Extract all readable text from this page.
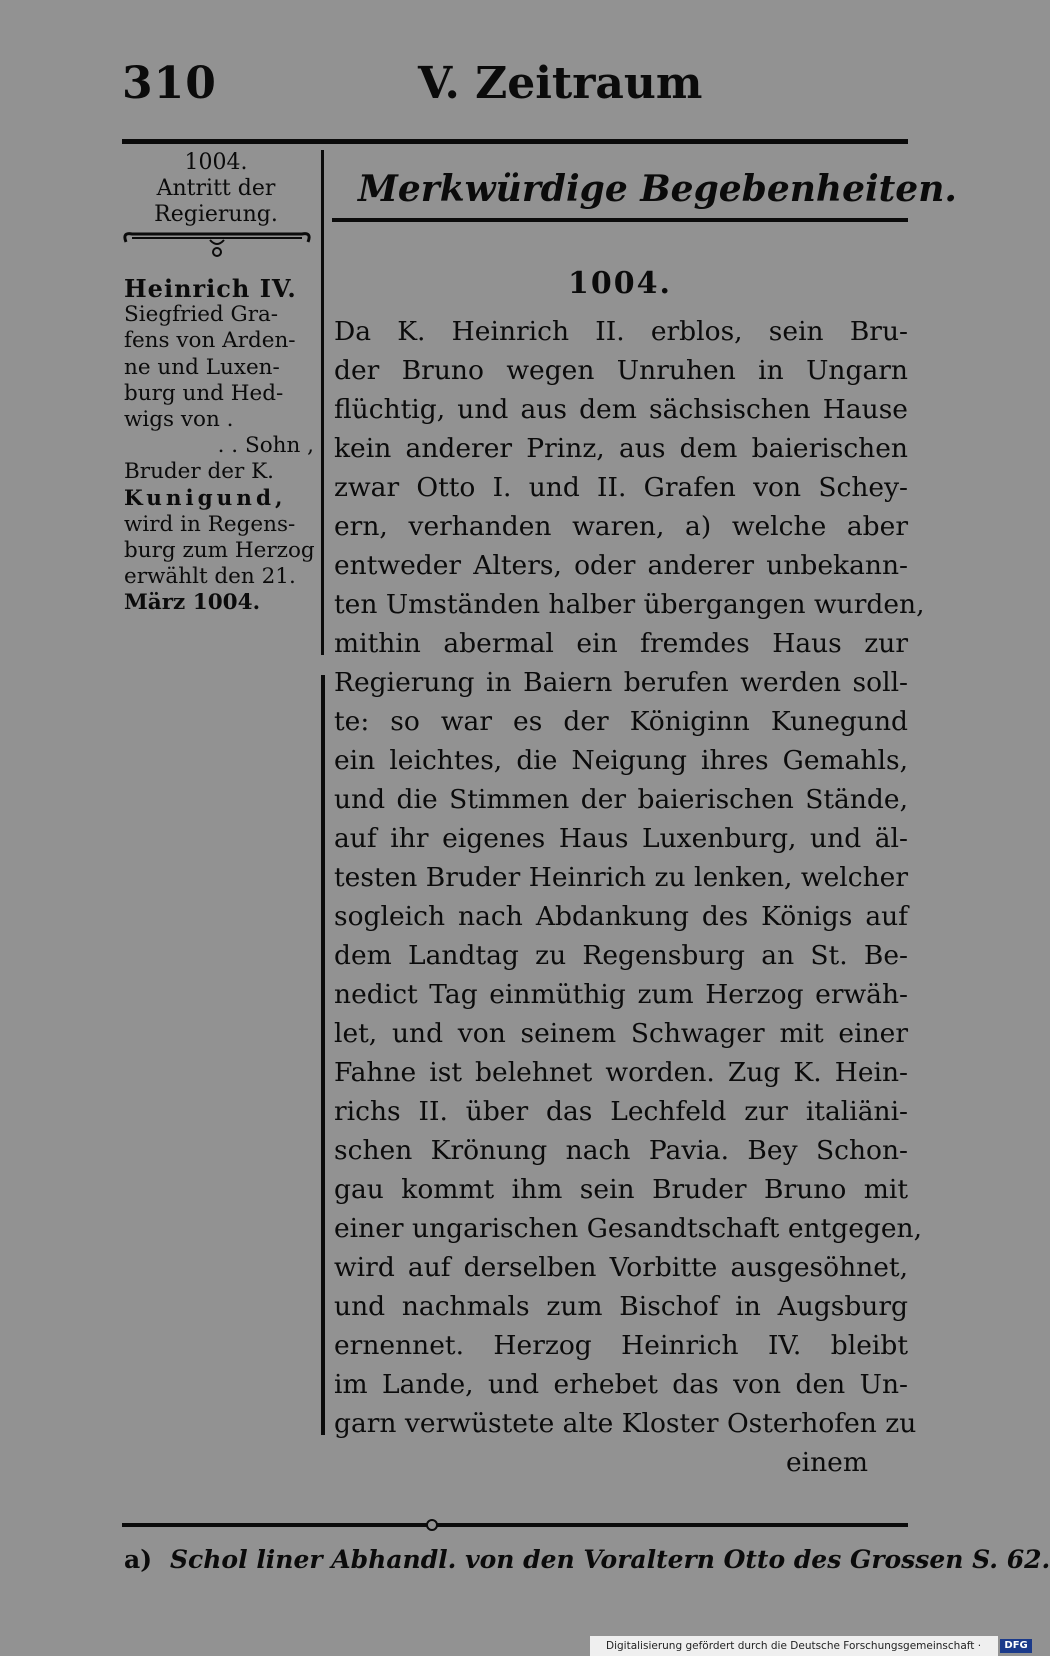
310	V. Zeitraum
1004.
Antritt der
Regierung.
Heinrich IV.
Siegfried Gra-
fens von Arden-
ne und Luxen-
burg und Hed-
wigs von .
. . Sohn ,
Bruder der K.
Kunigund,
wird in Regens-
burg zum Herzog
erwählt den 21.
März 1004.
Merkwürdige Begebenheiten.
1004.
Da K. Heinrich II. erblos, sein Bru-
der Bruno wegen Unruhen in Ungarn
flüchtig, und aus dem sächsischen Hause
kein anderer Prinz, aus dem baierischen
zwar Otto I. und II. Grafen von Schey-
ern, verhanden waren, a) welche aber
entweder Alters, oder anderer unbekann-
ten Umständen halber übergangen wurden,
mithin abermal ein fremdes Haus zur
Regierung in Baiern berufen werden soll-
te: so war es der Königinn Kunegund
ein leichtes, die Neigung ihres Gemahls,
und die Stimmen der baierischen Stände,
auf ihr eigenes Haus Luxenburg, und äl-
testen Bruder Heinrich zu lenken, welcher
sogleich nach Abdankung des Königs auf
dem Landtag zu Regensburg an St. Be-
nedict Tag einmüthig zum Herzog erwäh-
let, und von seinem Schwager mit einer
Fahne ist belehnet worden. Zug K. Hein-
richs II. über das Lechfeld zur italiäni-
schen Krönung nach Pavia. Bey Schon-
gau kommt ihm sein Bruder Bruno mit
einer ungarischen Gesandtschaft entgegen,
wird auf derselben Vorbitte ausgesöhnet,
und nachmals zum Bischof in Augsburg
ernennet. Herzog Heinrich IV. bleibt
im Lande, und erhebet das von den Un-
garn verwüstete alte Kloster Osterhofen zu
einem
a) Schol liner Abhandl. von den Voraltern Otto des Grossen S. 62.
Digitalisierung gefördert durch die Deutsche Forschungsgemeinschaft · DFG
